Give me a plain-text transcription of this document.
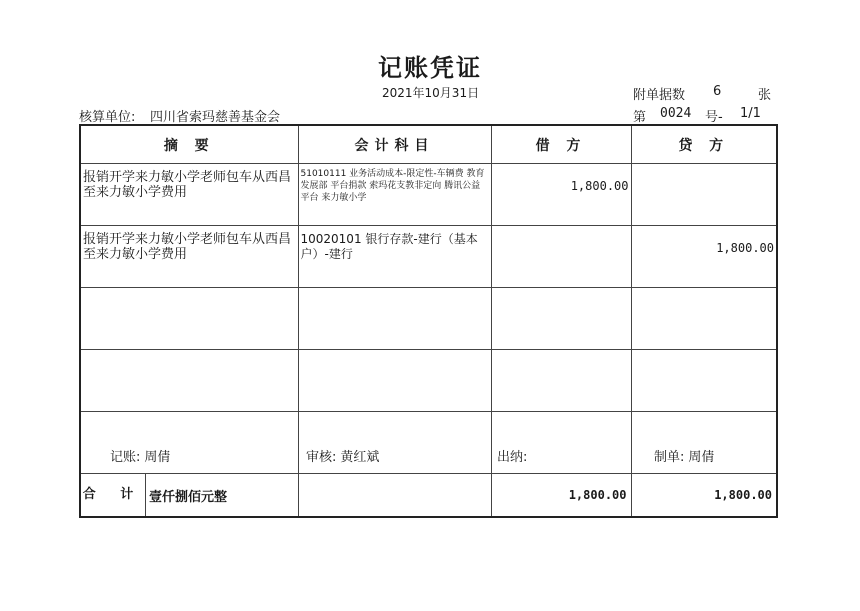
记账凭证
2021年10月31日	附单据数 6	张
核算单位: 四川省索玛慈善基金会	第 0024 号- 1/1
摘 要	会计科目	借 方	贷 方
报销开学来力敏小学老师包车从西昌至来力敏小学费用	51010111 业务活动成本-限定性-车辆费 教育发展部 平台捐款 索玛花支教非定向 腾讯公益平台 来力敏小学	1,800.00	
报销开学来力敏小学老师包车从西昌至来力敏小学费用	10020101 银行存款-建行（基本户）-建行		1,800.00

合 计 壹仟捌佰元整		1,800.00	1,800.00
记账: 周倩	审核: 黄红斌	出纳:	制单: 周倩
